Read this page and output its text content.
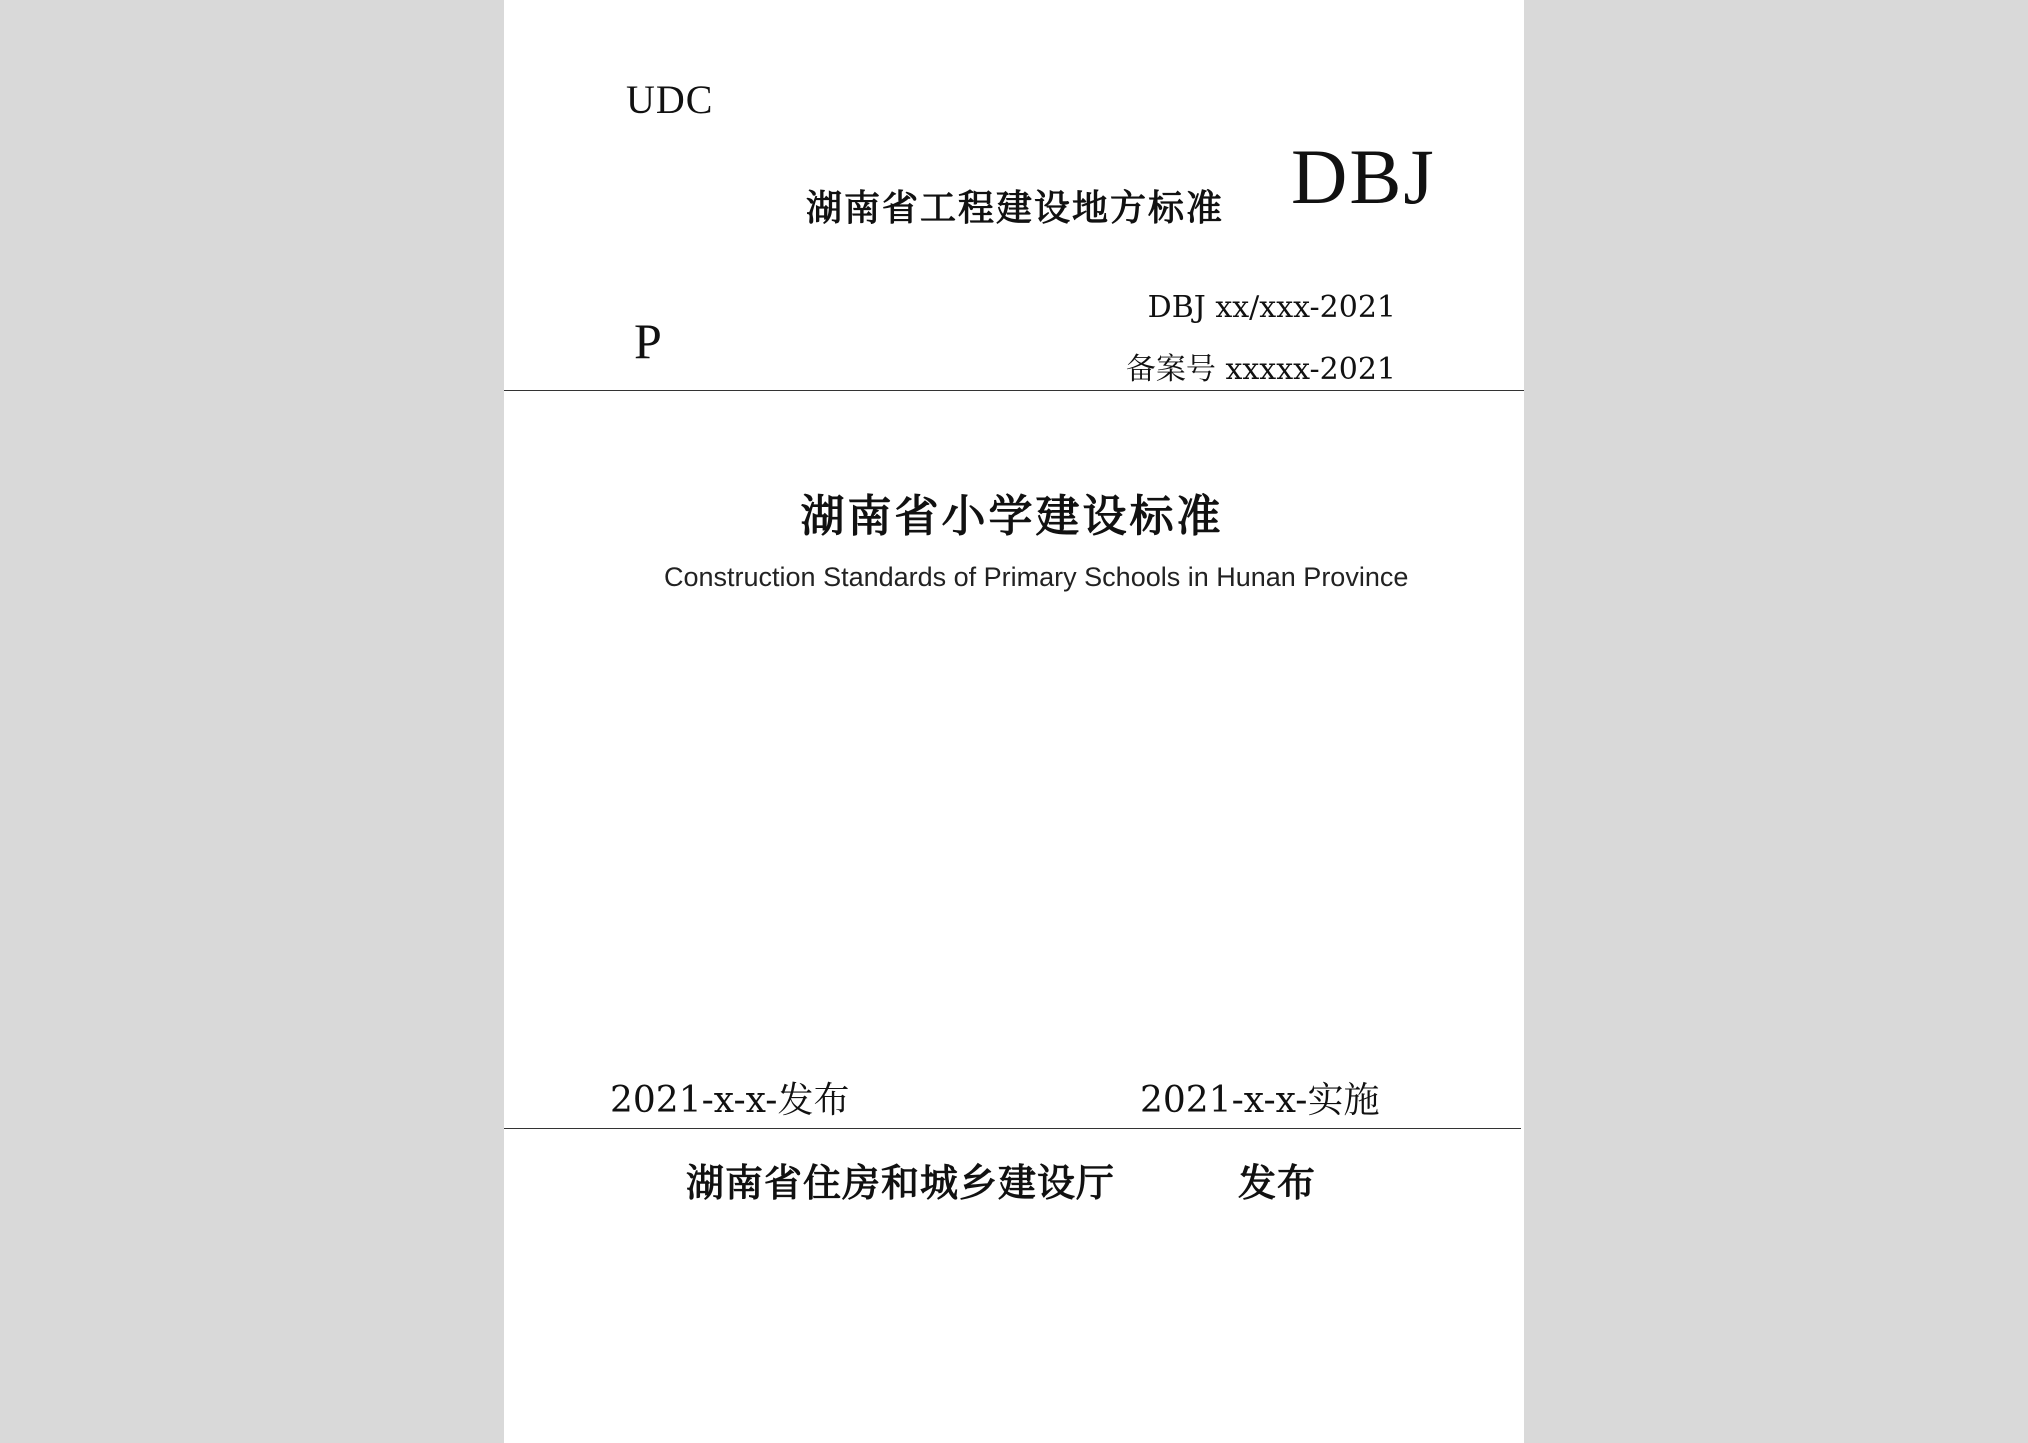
UDC
湖南省工程建设地方标准 DBJ
P
DBJ xx/xxx-2021
备案号 xxxxx-2021
湖南省小学建设标准
Construction Standards of Primary Schools in Hunan Province
2021-x-x-发布	2021-x-x-实施
湖南省住房和城乡建设厅	发布
